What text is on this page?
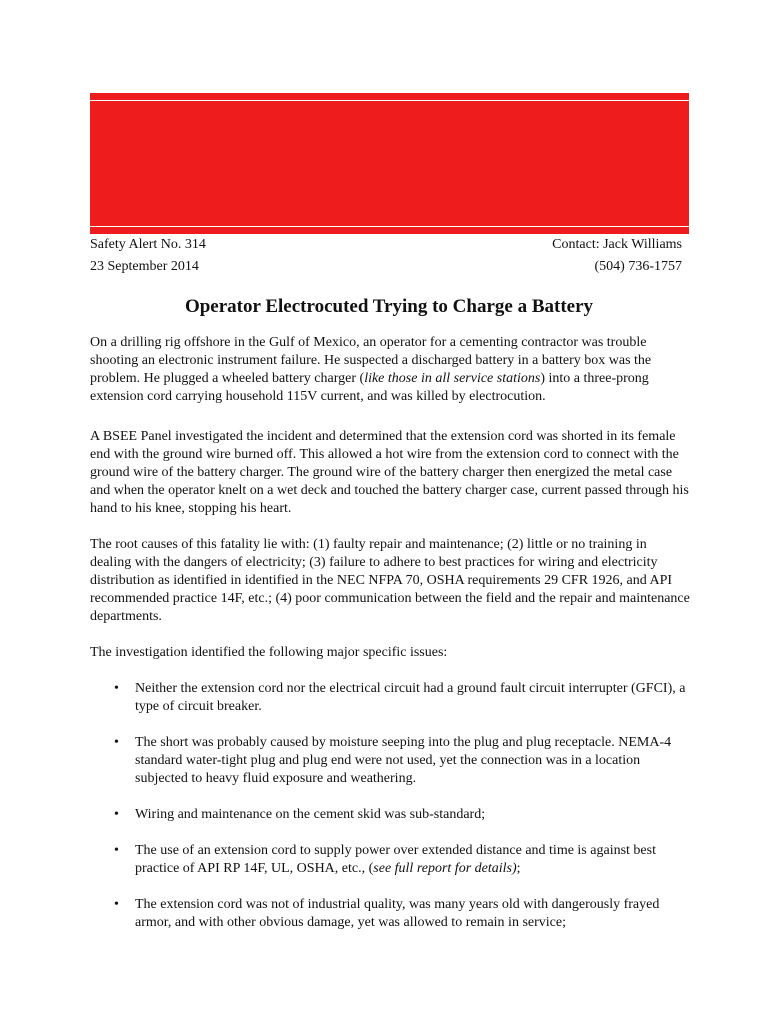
Safety Alert No. 314	Contact: Jack Williams
23 September 2014	(504) 736-1757
Operator Electrocuted Trying to Charge a Battery

On a drilling rig offshore in the Gulf of Mexico, an operator for a cementing contractor was trouble shooting an electronic instrument failure. He suspected a discharged battery in a battery box was the problem. He plugged a wheeled battery charger (like those in all service stations) into a three-prong extension cord carrying household 115V current, and was killed by electrocution.

A BSEE Panel investigated the incident and determined that the extension cord was shorted in its female end with the ground wire burned off. This allowed a hot wire from the extension cord to connect with the ground wire of the battery charger. The ground wire of the battery charger then energized the metal case and when the operator knelt on a wet deck and touched the battery charger case, current passed through his hand to his knee, stopping his heart.

The root causes of this fatality lie with: (1) faulty repair and maintenance; (2) little or no training in dealing with the dangers of electricity; (3) failure to adhere to best practices for wiring and electricity distribution as identified in identified in the NEC NFPA 70, OSHA requirements 29 CFR 1926, and API recommended practice 14F, etc.; (4) poor communication between the field and the repair and maintenance departments.

The investigation identified the following major specific issues:

• Neither the extension cord nor the electrical circuit had a ground fault circuit interrupter (GFCI), a type of circuit breaker.
• The short was probably caused by moisture seeping into the plug and plug receptacle. NEMA-4 standard water-tight plug and plug end were not used, yet the connection was in a location subjected to heavy fluid exposure and weathering.
• Wiring and maintenance on the cement skid was sub-standard;
• The use of an extension cord to supply power over extended distance and time is against best practice of API RP 14F, UL, OSHA, etc., (see full report for details);
• The extension cord was not of industrial quality, was many years old with dangerously frayed armor, and with other obvious damage, yet was allowed to remain in service;
